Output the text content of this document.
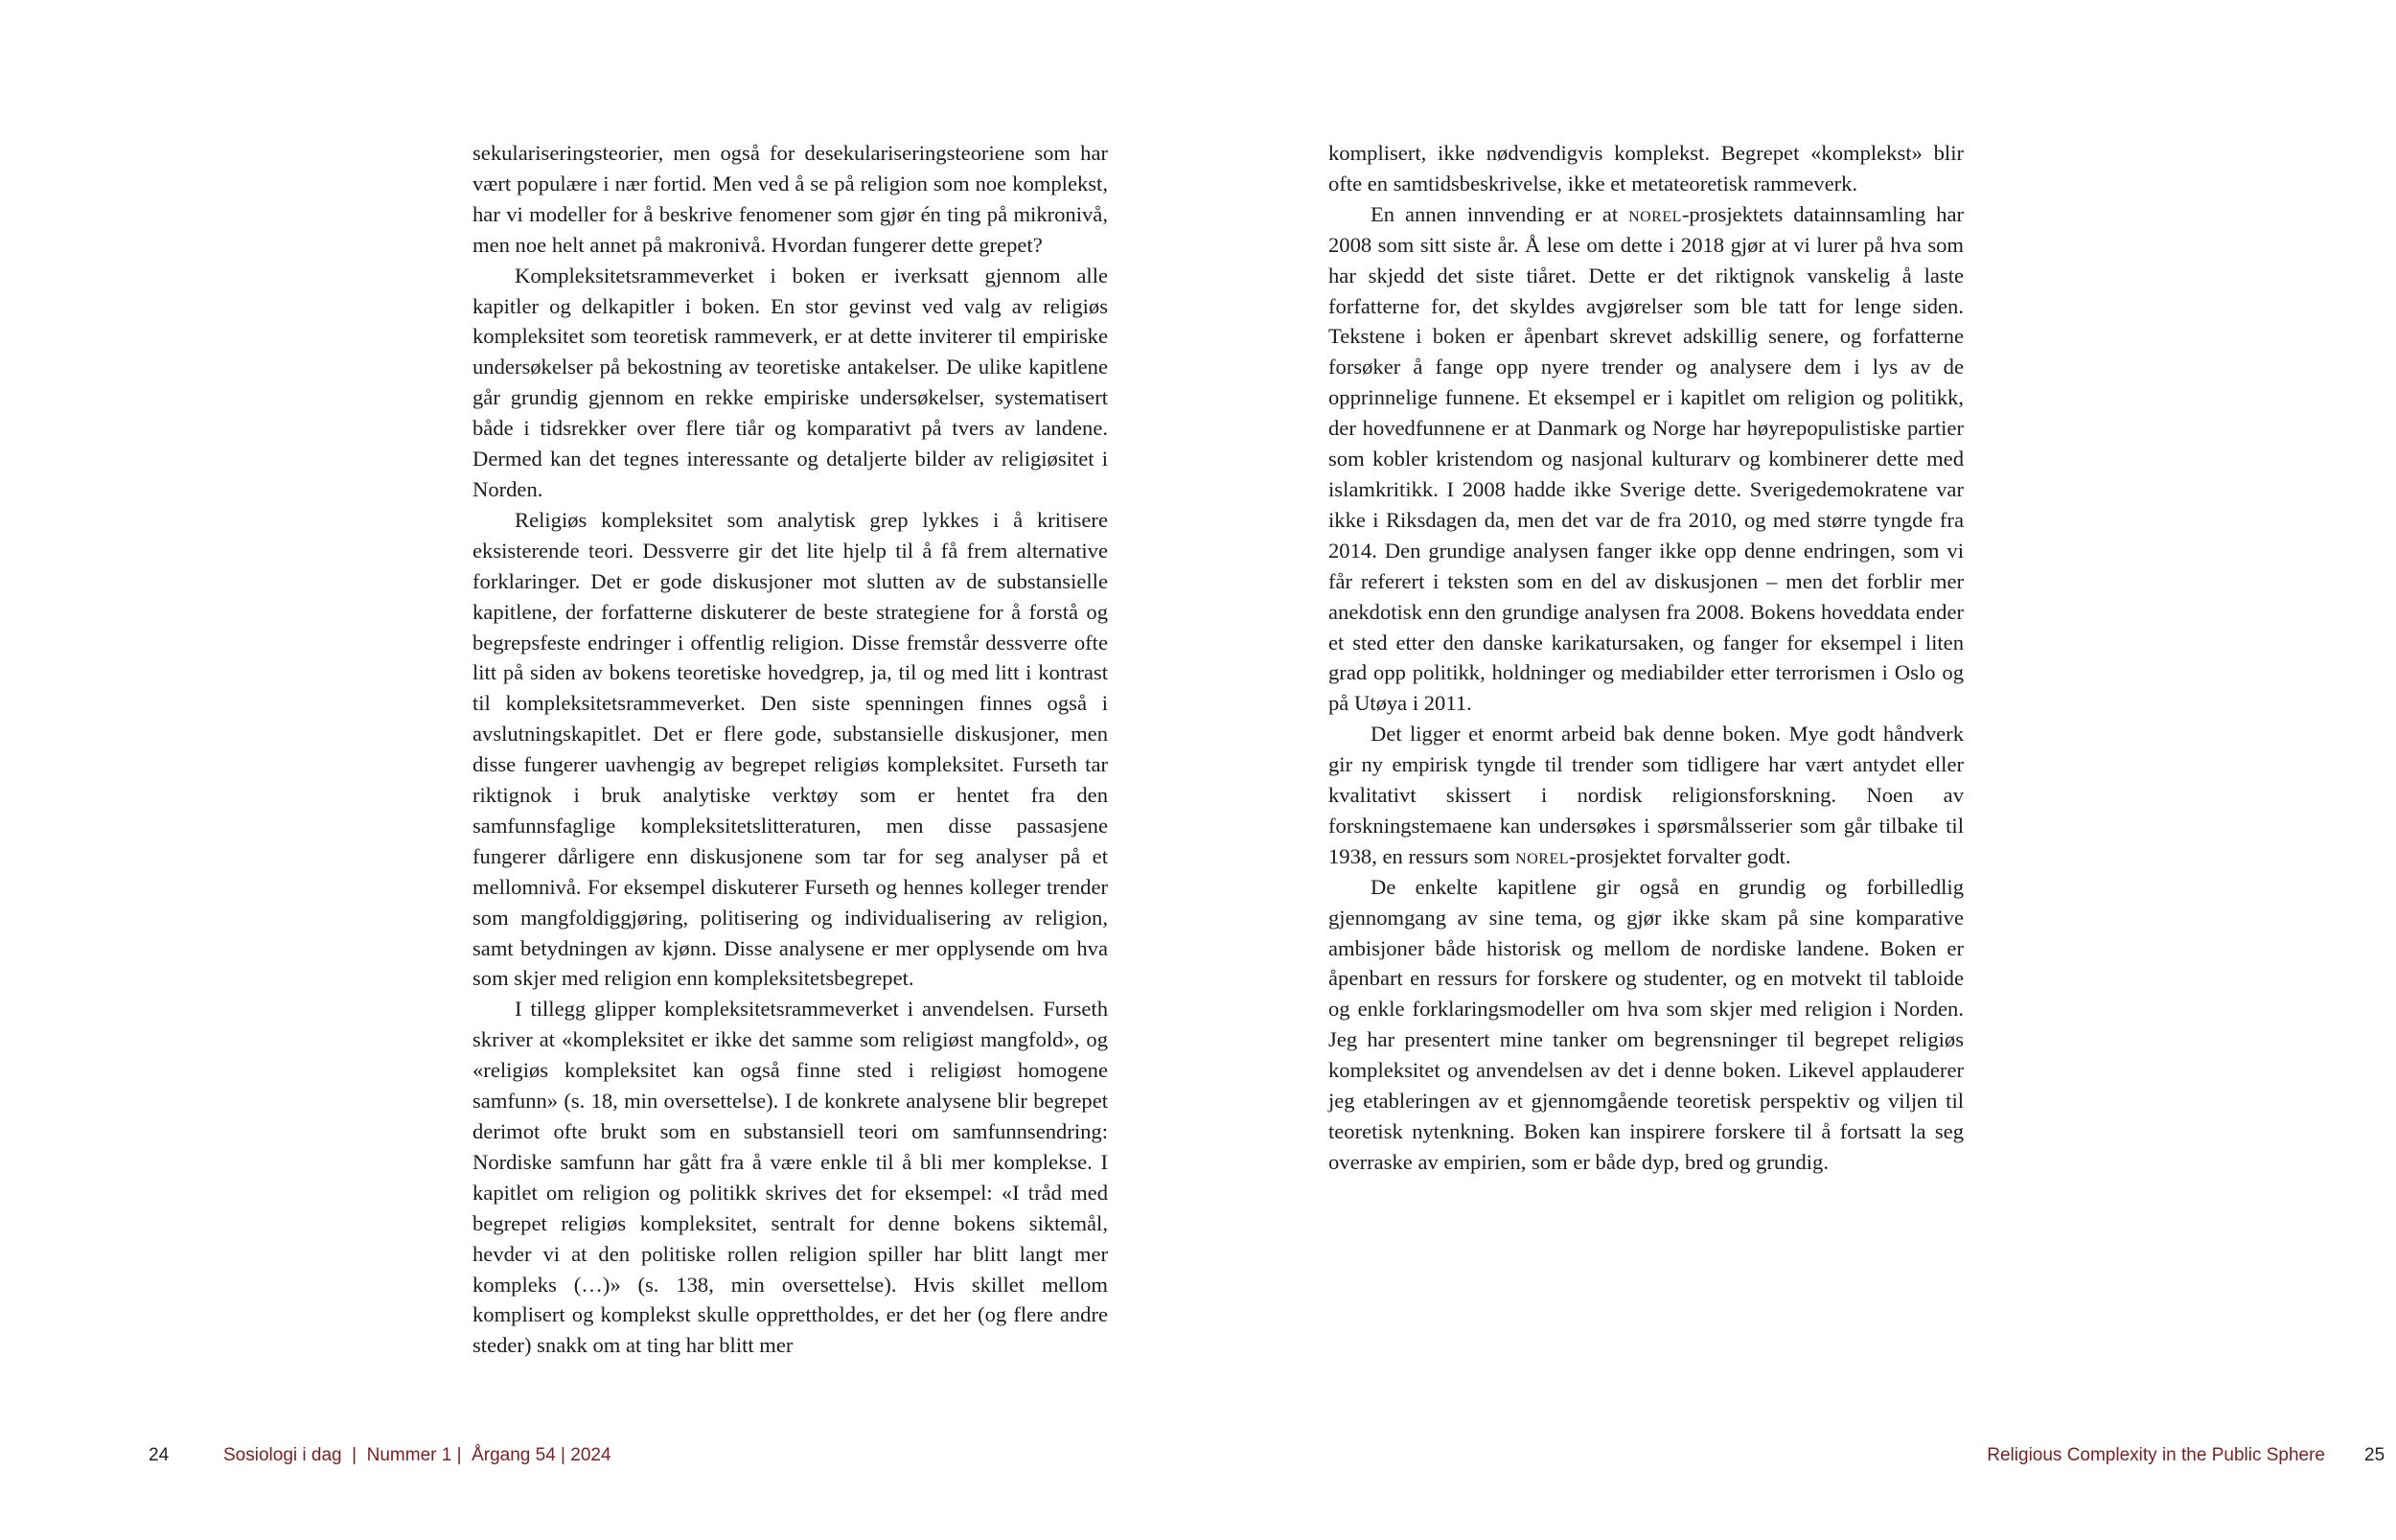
sekulariseringsteorier, men også for desekulariseringsteoriene som har vært populære i nær fortid. Men ved å se på religion som noe komplekst, har vi modeller for å beskrive fenomener som gjør én ting på mikronivå, men noe helt annet på makronivå. Hvordan fungerer dette grepet?

Kompleksitetsrammeverket i boken er iverksatt gjennom alle kapitler og delkapitler i boken. En stor gevinst ved valg av religiøs kompleksitet som teoretisk rammeverk, er at dette inviterer til empiriske undersøkelser på bekostning av teoretiske antakelser. De ulike kapitlene går grundig gjennom en rekke empiriske undersøkelser, systematisert både i tidsrekker over flere tiår og komparativt på tvers av landene. Dermed kan det tegnes interessante og detaljerte bilder av religiøsitet i Norden.

Religiøs kompleksitet som analytisk grep lykkes i å kritisere eksisterende teori. Dessverre gir det lite hjelp til å få frem alternative forklaringer. Det er gode diskusjoner mot slutten av de substansielle kapitlene, der forfatterne diskuterer de beste strategiene for å forstå og begrepsfeste endringer i offentlig religion. Disse fremstår dessverre ofte litt på siden av bokens teoretiske hovedgrep, ja, til og med litt i kontrast til kompleksitetsrammeverket. Den siste spenningen finnes også i avslutningskapitlet. Det er flere gode, substansielle diskusjoner, men disse fungerer uavhengig av begrepet religiøs kompleksitet. Furseth tar riktignok i bruk analytiske verktøy som er hentet fra den samfunnsfaglige kompleksitetslitteraturen, men disse passasjene fungerer dårligere enn diskusjonene som tar for seg analyser på et mellomnivå. For eksempel diskuterer Furseth og hennes kolleger trender som mangfoldiggjøring, politisering og individualisering av religion, samt betydningen av kjønn. Disse analysene er mer opplysende om hva som skjer med religion enn kompleksitetsbegrepet.

I tillegg glipper kompleksitetsrammeverket i anvendelsen. Furseth skriver at «kompleksitet er ikke det samme som religiøst mangfold», og «religiøs kompleksitet kan også finne sted i religiøst homogene samfunn» (s. 18, min oversettelse). I de konkrete analysene blir begrepet derimot ofte brukt som en substansiell teori om samfunnsendring: Nordiske samfunn har gått fra å være enkle til å bli mer komplekse. I kapitlet om religion og politikk skrives det for eksempel: «I tråd med begrepet religiøs kompleksitet, sentralt for denne bokens siktemål, hevder vi at den politiske rollen religion spiller har blitt langt mer kompleks (…)» (s. 138, min oversettelse). Hvis skillet mellom komplisert og komplekst skulle opprettholdes, er det her (og flere andre steder) snakk om at ting har blitt mer

24	Sosiologi i dag  |  Nummer 1 |  Årgang 54 | 2024

komplisert, ikke nødvendigvis komplekst. Begrepet «komplekst» blir ofte en samtidsbeskrivelse, ikke et metateoretisk rammeverk.

En annen innvending er at norel-prosjektets datainnsamling har 2008 som sitt siste år. Å lese om dette i 2018 gjør at vi lurer på hva som har skjedd det siste tiåret. Dette er det riktignok vanskelig å laste forfatterne for, det skyldes avgjørelser som ble tatt for lenge siden. Tekstene i boken er åpenbart skrevet adskillig senere, og forfatterne forsøker å fange opp nyere trender og analysere dem i lys av de opprinnelige funnene. Et eksempel er i kapitlet om religion og politikk, der hovedfunnene er at Danmark og Norge har høyrepopulistiske partier som kobler kristendom og nasjonal kulturarv og kombinerer dette med islamkritikk. I 2008 hadde ikke Sverige dette. Sverigedemokratene var ikke i Riksdagen da, men det var de fra 2010, og med større tyngde fra 2014. Den grundige analysen fanger ikke opp denne endringen, som vi får referert i teksten som en del av diskusjonen – men det forblir mer anekdotisk enn den grundige analysen fra 2008. Bokens hoveddata ender et sted etter den danske karikatursaken, og fanger for eksempel i liten grad opp politikk, holdninger og mediabilder etter terrorismen i Oslo og på Utøya i 2011.

Det ligger et enormt arbeid bak denne boken. Mye godt håndverk gir ny empirisk tyngde til trender som tidligere har vært antydet eller kvalitativt skissert i nordisk religionsforskning. Noen av forskningstemaene kan undersøkes i spørsmålsserier som går tilbake til 1938, en ressurs som norel-prosjektet forvalter godt.

De enkelte kapitlene gir også en grundig og forbilledlig gjennomgang av sine tema, og gjør ikke skam på sine komparative ambisjoner både historisk og mellom de nordiske landene. Boken er åpenbart en ressurs for forskere og studenter, og en motvekt til tabloide og enkle forklaringsmodeller om hva som skjer med religion i Norden. Jeg har presentert mine tanker om begrensninger til begrepet religiøs kompleksitet og anvendelsen av det i denne boken. Likevel applauderer jeg etableringen av et gjennomgående teoretisk perspektiv og viljen til teoretisk nytenkning. Boken kan inspirere forskere til å fortsatt la seg overraske av empirien, som er både dyp, bred og grundig.

Religious Complexity in the Public Sphere 25
